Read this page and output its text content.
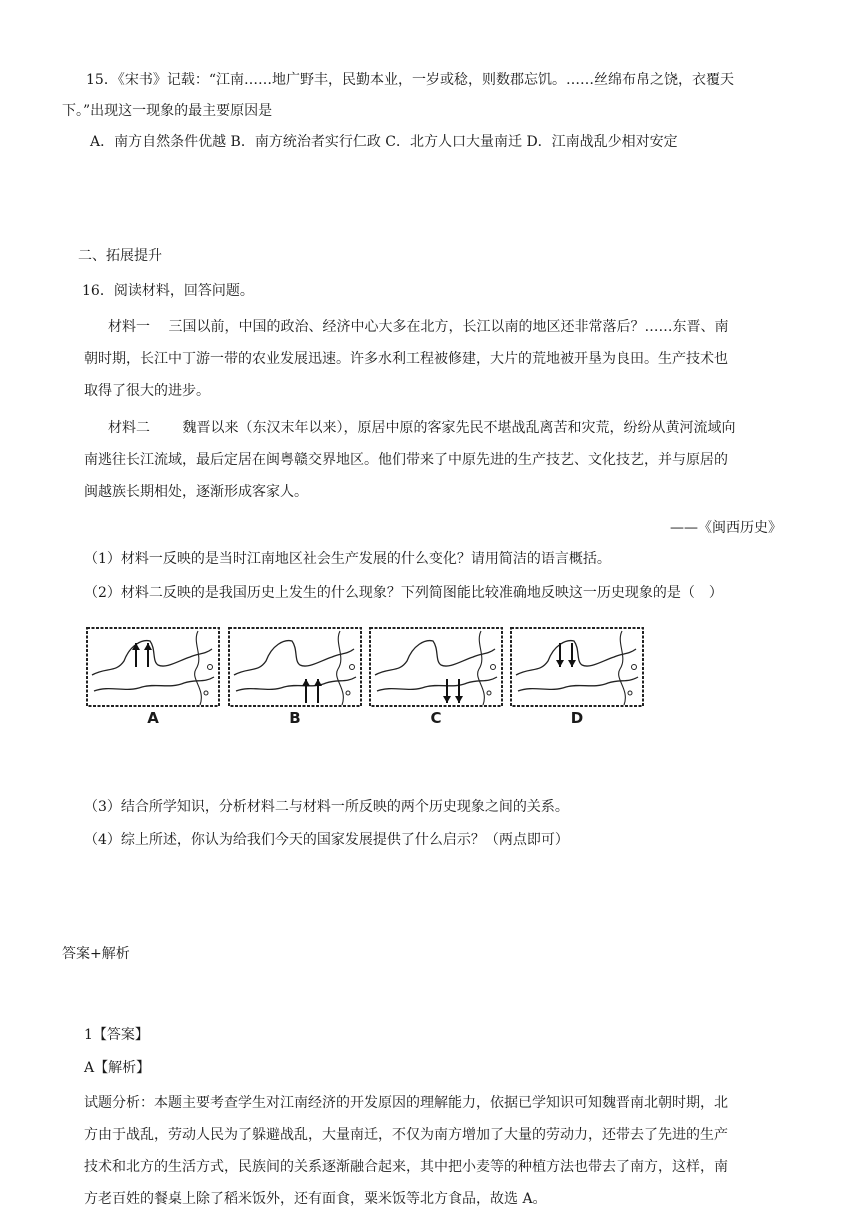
15．《宋书》记载：“江南……地广野丰，民勤本业，一岁或稔，则数郡忘饥。……丝绵布帛之饶，衣覆天
下。”出现这一现象的最主要原因是
A．南方自然条件优越 B．南方统治者实行仁政 C．北方人口大量南迁 D．江南战乱少相对安定
二、拓展提升
16．阅读材料，回答问题。
材料一　 三国以前，中国的政治、经济中心大多在北方，长江以南的地区还非常落后？……东晋、南
朝时期，长江中丁游一带的农业发展迅速。许多水利工程被修建，大片的荒地被开垦为良田。生产技术也
取得了很大的进步。
材料二　　 魏晋以来（东汉末年以来），原居中原的客家先民不堪战乱离苦和灾荒，纷纷从黄河流域向
南逃往长江流域，最后定居在闽粤赣交界地区。他们带来了中原先进的生产技艺、文化技艺，并与原居的
闽越族长期相处，逐渐形成客家人。
——《闽西历史》
（1）材料一反映的是当时江南地区社会生产发展的什么变化？请用简洁的语言概括。
（2）材料二反映的是我国历史上发生的什么现象？下列简图能比较准确地反映这一历史现象的是（　）
A	B	C	D
（3）结合所学知识，分析材料二与材料一所反映的两个历史现象之间的关系。
（4）综上所述，你认为给我们今天的国家发展提供了什么启示？（两点即可）
答案+解析
1【答案】
A【解析】
试题分析：本题主要考查学生对江南经济的开发原因的理解能力，依据已学知识可知魏晋南北朝时期，北
方由于战乱，劳动人民为了躲避战乱，大量南迁，不仅为南方增加了大量的劳动力，还带去了先进的生产
技术和北方的生活方式，民族间的关系逐渐融合起来，其中把小麦等的种植方法也带去了南方，这样，南
方老百姓的餐桌上除了稻米饭外，还有面食，粟米饭等北方食品，故选 A。
